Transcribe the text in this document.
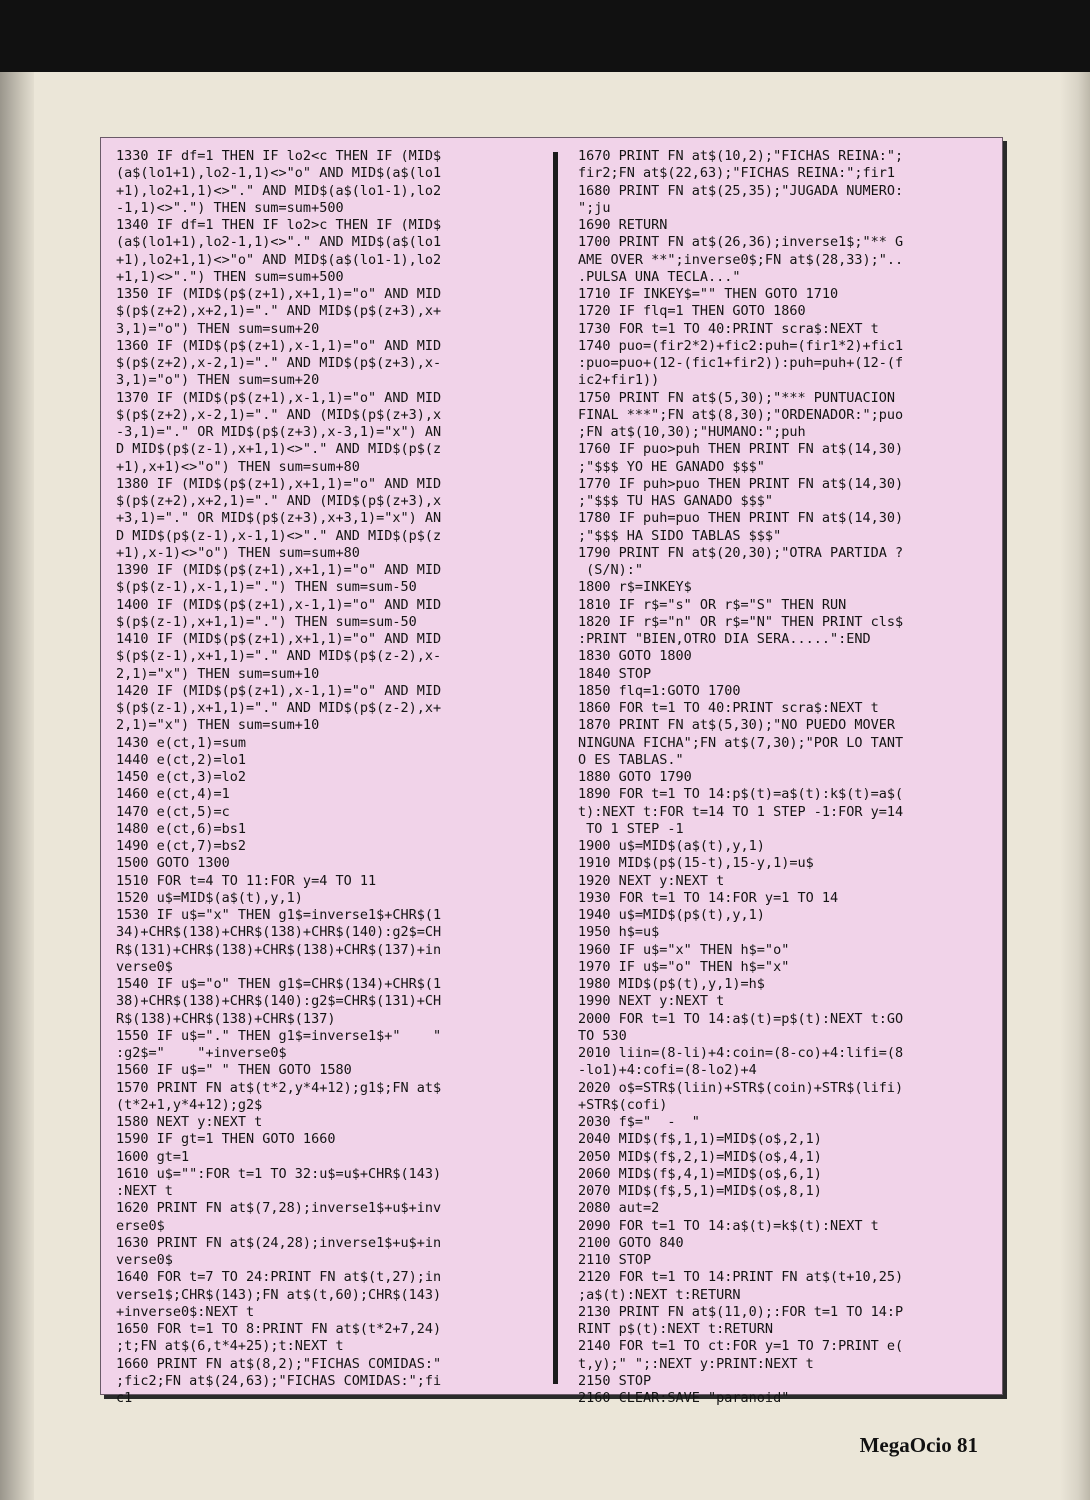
1330 IF df=1 THEN IF lo2<c THEN IF (MID$
(a$(lo1+1),lo2-1,1)<>"o" AND MID$(a$(lo1
+1),lo2+1,1)<>"." AND MID$(a$(lo1-1),lo2
-1,1)<>".") THEN sum=sum+500
1340 IF df=1 THEN IF lo2>c THEN IF (MID$
(a$(lo1+1),lo2-1,1)<>"." AND MID$(a$(lo1
+1),lo2+1,1)<>"o" AND MID$(a$(lo1-1),lo2
+1,1)<>".") THEN sum=sum+500
1350 IF (MID$(p$(z+1),x+1,1)="o" AND MID
$(p$(z+2),x+2,1)="." AND MID$(p$(z+3),x+
3,1)="o") THEN sum=sum+20
1360 IF (MID$(p$(z+1),x-1,1)="o" AND MID
$(p$(z+2),x-2,1)="." AND MID$(p$(z+3),x-
3,1)="o") THEN sum=sum+20
1370 IF (MID$(p$(z+1),x-1,1)="o" AND MID
$(p$(z+2),x-2,1)="." AND (MID$(p$(z+3),x
-3,1)="." OR MID$(p$(z+3),x-3,1)="x") AN
D MID$(p$(z-1),x+1,1)<>"." AND MID$(p$(z
+1),x+1)<>"o") THEN sum=sum+80
1380 IF (MID$(p$(z+1),x+1,1)="o" AND MID
$(p$(z+2),x+2,1)="." AND (MID$(p$(z+3),x
+3,1)="." OR MID$(p$(z+3),x+3,1)="x") AN
D MID$(p$(z-1),x-1,1)<>"." AND MID$(p$(z
+1),x-1)<>"o") THEN sum=sum+80
1390 IF (MID$(p$(z+1),x+1,1)="o" AND MID
$(p$(z-1),x-1,1)=".") THEN sum=sum-50
1400 IF (MID$(p$(z+1),x-1,1)="o" AND MID
$(p$(z-1),x+1,1)=".") THEN sum=sum-50
1410 IF (MID$(p$(z+1),x+1,1)="o" AND MID
$(p$(z-1),x+1,1)="." AND MID$(p$(z-2),x-
2,1)="x") THEN sum=sum+10
1420 IF (MID$(p$(z+1),x-1,1)="o" AND MID
$(p$(z-1),x+1,1)="." AND MID$(p$(z-2),x+
2,1)="x") THEN sum=sum+10
1430 e(ct,1)=sum
1440 e(ct,2)=lo1
1450 e(ct,3)=lo2
1460 e(ct,4)=1
1470 e(ct,5)=c
1480 e(ct,6)=bs1
1490 e(ct,7)=bs2
1500 GOTO 1300
1510 FOR t=4 TO 11:FOR y=4 TO 11
1520 u$=MID$(a$(t),y,1)
1530 IF u$="x" THEN g1$=inverse1$+CHR$(1
34)+CHR$(138)+CHR$(138)+CHR$(140):g2$=CH
R$(131)+CHR$(138)+CHR$(138)+CHR$(137)+in
verse0$
1540 IF u$="o" THEN g1$=CHR$(134)+CHR$(1
38)+CHR$(138)+CHR$(140):g2$=CHR$(131)+CH
R$(138)+CHR$(138)+CHR$(137)
1550 IF u$="." THEN g1$=inverse1$+"    "
:g2$="    "+inverse0$
1560 IF u$=" " THEN GOTO 1580
1570 PRINT FN at$(t*2,y*4+12);g1$;FN at$
(t*2+1,y*4+12);g2$
1580 NEXT y:NEXT t
1590 IF gt=1 THEN GOTO 1660
1600 gt=1
1610 u$="":FOR t=1 TO 32:u$=u$+CHR$(143)
:NEXT t
1620 PRINT FN at$(7,28);inverse1$+u$+inv
erse0$
1630 PRINT FN at$(24,28);inverse1$+u$+in
verse0$
1640 FOR t=7 TO 24:PRINT FN at$(t,27);in
verse1$;CHR$(143);FN at$(t,60);CHR$(143)
+inverse0$:NEXT t
1650 FOR t=1 TO 8:PRINT FN at$(t*2+7,24)
;t;FN at$(6,t*4+25);t:NEXT t
1660 PRINT FN at$(8,2);"FICHAS COMIDAS:"
;fic2;FN at$(24,63);"FICHAS COMIDAS:";fi
c1
1670 PRINT FN at$(10,2);"FICHAS REINA:";
fir2;FN at$(22,63);"FICHAS REINA:";fir1
1680 PRINT FN at$(25,35);"JUGADA NUMERO:
";ju
1690 RETURN
1700 PRINT FN at$(26,36);inverse1$;"** G
AME OVER **";inverse0$;FN at$(28,33);"..
.PULSA UNA TECLA..."
1710 IF INKEY$="" THEN GOTO 1710
1720 IF flq=1 THEN GOTO 1860
1730 FOR t=1 TO 40:PRINT scra$:NEXT t
1740 puo=(fir2*2)+fic2:puh=(fir1*2)+fic1
:puo=puo+(12-(fic1+fir2)):puh=puh+(12-(f
ic2+fir1))
1750 PRINT FN at$(5,30);"*** PUNTUACION
FINAL ***";FN at$(8,30);"ORDENADOR:";puo
;FN at$(10,30);"HUMANO:";puh
1760 IF puo>puh THEN PRINT FN at$(14,30)
;"$$$ YO HE GANADO $$$"
1770 IF puh>puo THEN PRINT FN at$(14,30)
;"$$$ TU HAS GANADO $$$"
1780 IF puh=puo THEN PRINT FN at$(14,30)
;"$$$ HA SIDO TABLAS $$$"
1790 PRINT FN at$(20,30);"OTRA PARTIDA ?
(S/N):"
1800 r$=INKEY$
1810 IF r$="s" OR r$="S" THEN RUN
1820 IF r$="n" OR r$="N" THEN PRINT cls$
:PRINT "BIEN,OTRO DIA SERA.....":END
1830 GOTO 1800
1840 STOP
1850 flq=1:GOTO 1700
1860 FOR t=1 TO 40:PRINT scra$:NEXT t
1870 PRINT FN at$(5,30);"NO PUEDO MOVER
NINGUNA FICHA";FN at$(7,30);"POR LO TANT
O ES TABLAS."
1880 GOTO 1790
1890 FOR t=1 TO 14:p$(t)=a$(t):k$(t)=a$(
t):NEXT t:FOR t=14 TO 1 STEP -1:FOR y=14
TO 1 STEP -1
1900 u$=MID$(a$(t),y,1)
1910 MID$(p$(15-t),15-y,1)=u$
1920 NEXT y:NEXT t
1930 FOR t=1 TO 14:FOR y=1 TO 14
1940 u$=MID$(p$(t),y,1)
1950 h$=u$
1960 IF u$="x" THEN h$="o"
1970 IF u$="o" THEN h$="x"
1980 MID$(p$(t),y,1)=h$
1990 NEXT y:NEXT t
2000 FOR t=1 TO 14:a$(t)=p$(t):NEXT t:GO
TO 530
2010 liin=(8-li)+4:coin=(8-co)+4:lifi=(8
-lo1)+4:cofi=(8-lo2)+4
2020 o$=STR$(liin)+STR$(coin)+STR$(lifi)
+STR$(cofi)
2030 f$="  -  "
2040 MID$(f$,1,1)=MID$(o$,2,1)
2050 MID$(f$,2,1)=MID$(o$,4,1)
2060 MID$(f$,4,1)=MID$(o$,6,1)
2070 MID$(f$,5,1)=MID$(o$,8,1)
2080 aut=2
2090 FOR t=1 TO 14:a$(t)=k$(t):NEXT t
2100 GOTO 840
2110 STOP
2120 FOR t=1 TO 14:PRINT FN at$(t+10,25)
;a$(t):NEXT t:RETURN
2130 PRINT FN at$(11,0);:FOR t=1 TO 14:P
RINT p$(t):NEXT t:RETURN
2140 FOR t=1 TO ct:FOR y=1 TO 7:PRINT e(
t,y);" ";:NEXT y:PRINT:NEXT t
2150 STOP
2160 CLEAR:SAVE "paranoid"
MegaOcio 81
